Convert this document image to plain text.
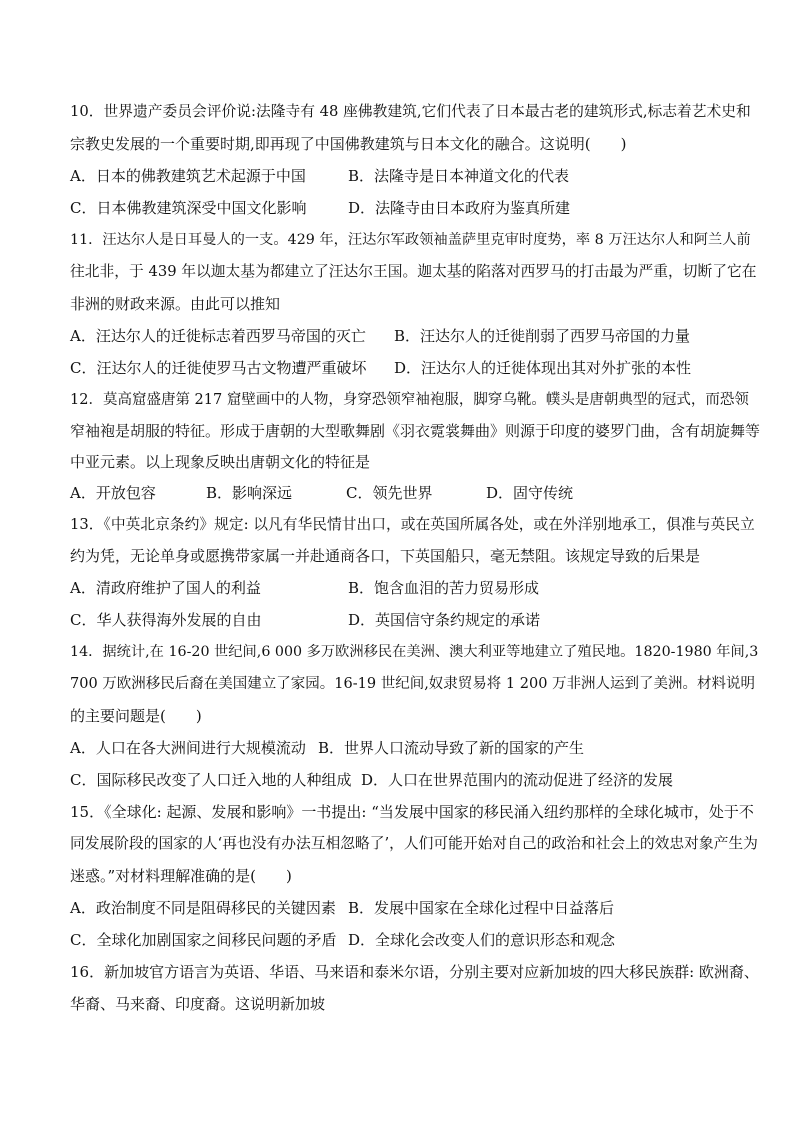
10．世界遗产委员会评价说:法隆寺有 48 座佛教建筑,它们代表了日本最古老的建筑形式,标志着艺术史和
宗教史发展的一个重要时期,即再现了中国佛教建筑与日本文化的融合。这说明(　　)
A．日本的佛教建筑艺术起源于中国	B．法隆寺是日本神道文化的代表
C．日本佛教建筑深受中国文化影响	D．法隆寺由日本政府为鉴真所建
11．汪达尔人是日耳曼人的一支。429 年，汪达尔军政领袖盖萨里克审时度势，率 8 万汪达尔人和阿兰人前
往北非，于 439 年以迦太基为都建立了汪达尔王国。迦太基的陷落对西罗马的打击最为严重，切断了它在
非洲的财政来源。由此可以推知
A．汪达尔人的迁徙标志着西罗马帝国的灭亡 B．汪达尔人的迁徙削弱了西罗马帝国的力量
C．汪达尔人的迁徙使罗马古文物遭严重破坏 D．汪达尔人的迁徙体现出其对外扩张的本性
12．莫高窟盛唐第 217 窟壁画中的人物，身穿恐领窄袖袍服，脚穿乌靴。幞头是唐朝典型的冠式，而恐领
窄袖袍是胡服的特征。形成于唐朝的大型歌舞剧《羽衣霓裳舞曲》则源于印度的婆罗门曲，含有胡旋舞等
中亚元素。以上现象反映出唐朝文化的特征是
A．开放包容	B．影响深远	C．领先世界	D．固守传统
13．《中英北京条约》规定: 以凡有华民情甘出口，或在英国所属各处，或在外洋别地承工，俱准与英民立
约为凭，无论单身或愿携带家属一并赴通商各口，下英国船只，毫无禁阻。该规定导致的后果是
A．清政府维护了国人的利益	B．饱含血泪的苦力贸易形成
C．华人获得海外发展的自由	D．英国信守条约规定的承诺
14．据统计,在 16-20 世纪间,6 000 多万欧洲移民在美洲、澳大利亚等地建立了殖民地。1820-1980 年间,3
700 万欧洲移民后裔在美国建立了家园。16-19 世纪间,奴隶贸易将 1 200 万非洲人运到了美洲。材料说明
的主要问题是(　　)
A．人口在各大洲间进行大规模流动 B．世界人口流动导致了新的国家的产生
C．国际移民改变了人口迁入地的人种组成 D．人口在世界范围内的流动促进了经济的发展
15．《全球化: 起源、发展和影响》一书提出: “当发展中国家的移民涌入纽约那样的全球化城市，处于不
同发展阶段的国家的人‘再也没有办法互相忽略了’，人们可能开始对自己的政治和社会上的效忠对象产生为
迷惑。”对材料理解准确的是(　　)
A．政治制度不同是阻碍移民的关键因素 B．发展中国家在全球化过程中日益落后
C．全球化加剧国家之间移民问题的矛盾 D．全球化会改变人们的意识形态和观念
16．新加坡官方语言为英语、华语、马来语和泰米尔语，分别主要对应新加坡的四大移民族群: 欧洲裔、
华裔、马来裔、印度裔。这说明新加坡
